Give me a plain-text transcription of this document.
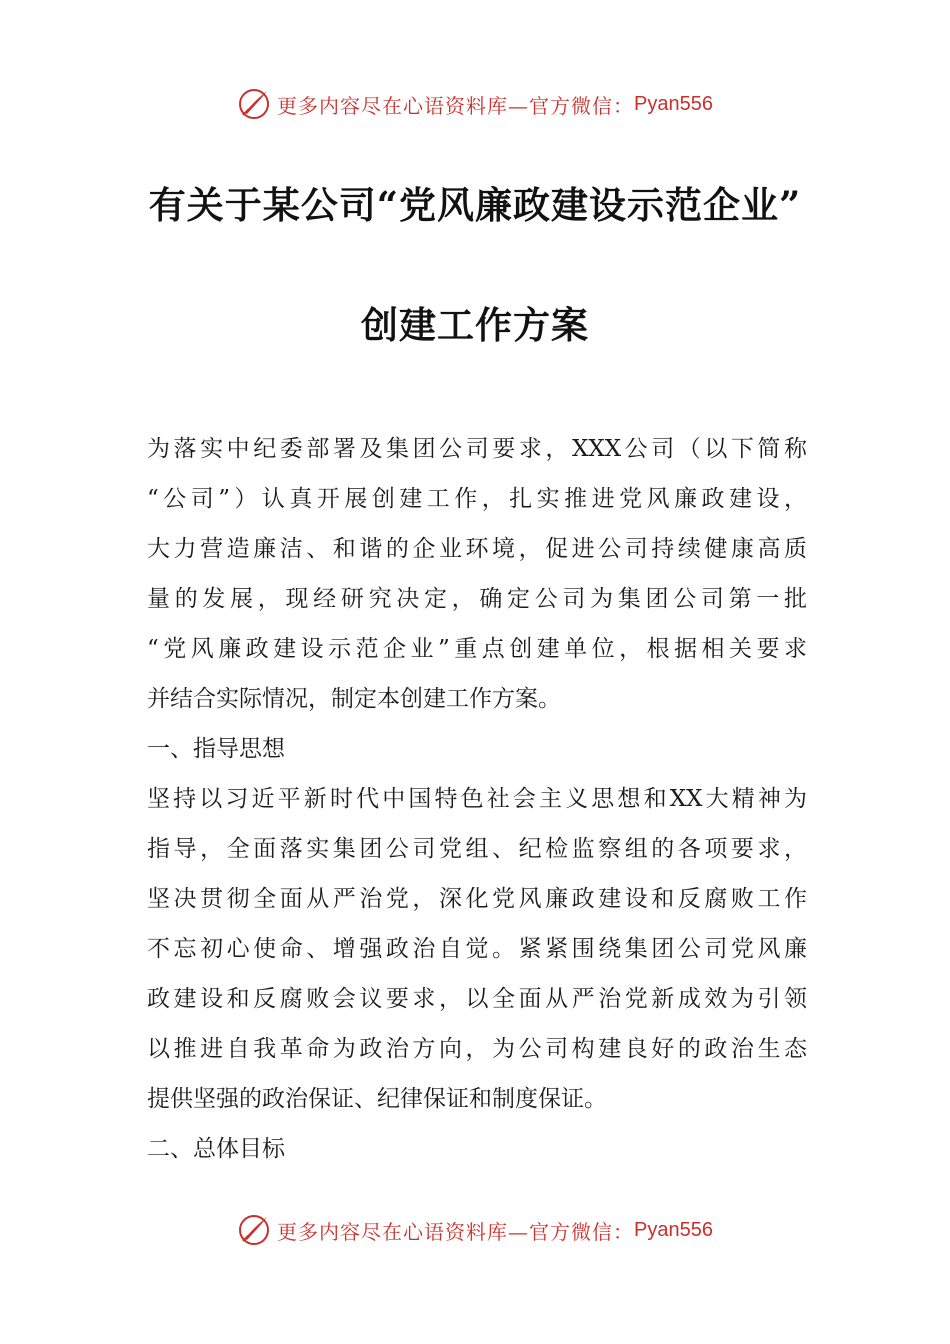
更多内容尽在心语资料库—官方微信： Pyan556
有关于某公司“党风廉政建设示范企业”
创建工作方案
为落实中纪委部署及集团公司要求，XXX公司（以下简称
“公司”）认真开展创建工作，扎实推进党风廉政建设，
大力营造廉洁、和谐的企业环境，促进公司持续健康高质
量的发展，现经研究决定，确定公司为集团公司第一批
“党风廉政建设示范企业”重点创建单位，根据相关要求
并结合实际情况，制定本创建工作方案。
一、指导思想
坚持以习近平新时代中国特色社会主义思想和XX大精神为
指导，全面落实集团公司党组、纪检监察组的各项要求，
坚决贯彻全面从严治党，深化党风廉政建设和反腐败工作
不忘初心使命、增强政治自觉。紧紧围绕集团公司党风廉
政建设和反腐败会议要求，以全面从严治党新成效为引领
以推进自我革命为政治方向，为公司构建良好的政治生态
提供坚强的政治保证、纪律保证和制度保证。
二、总体目标
更多内容尽在心语资料库—官方微信： Pyan556
